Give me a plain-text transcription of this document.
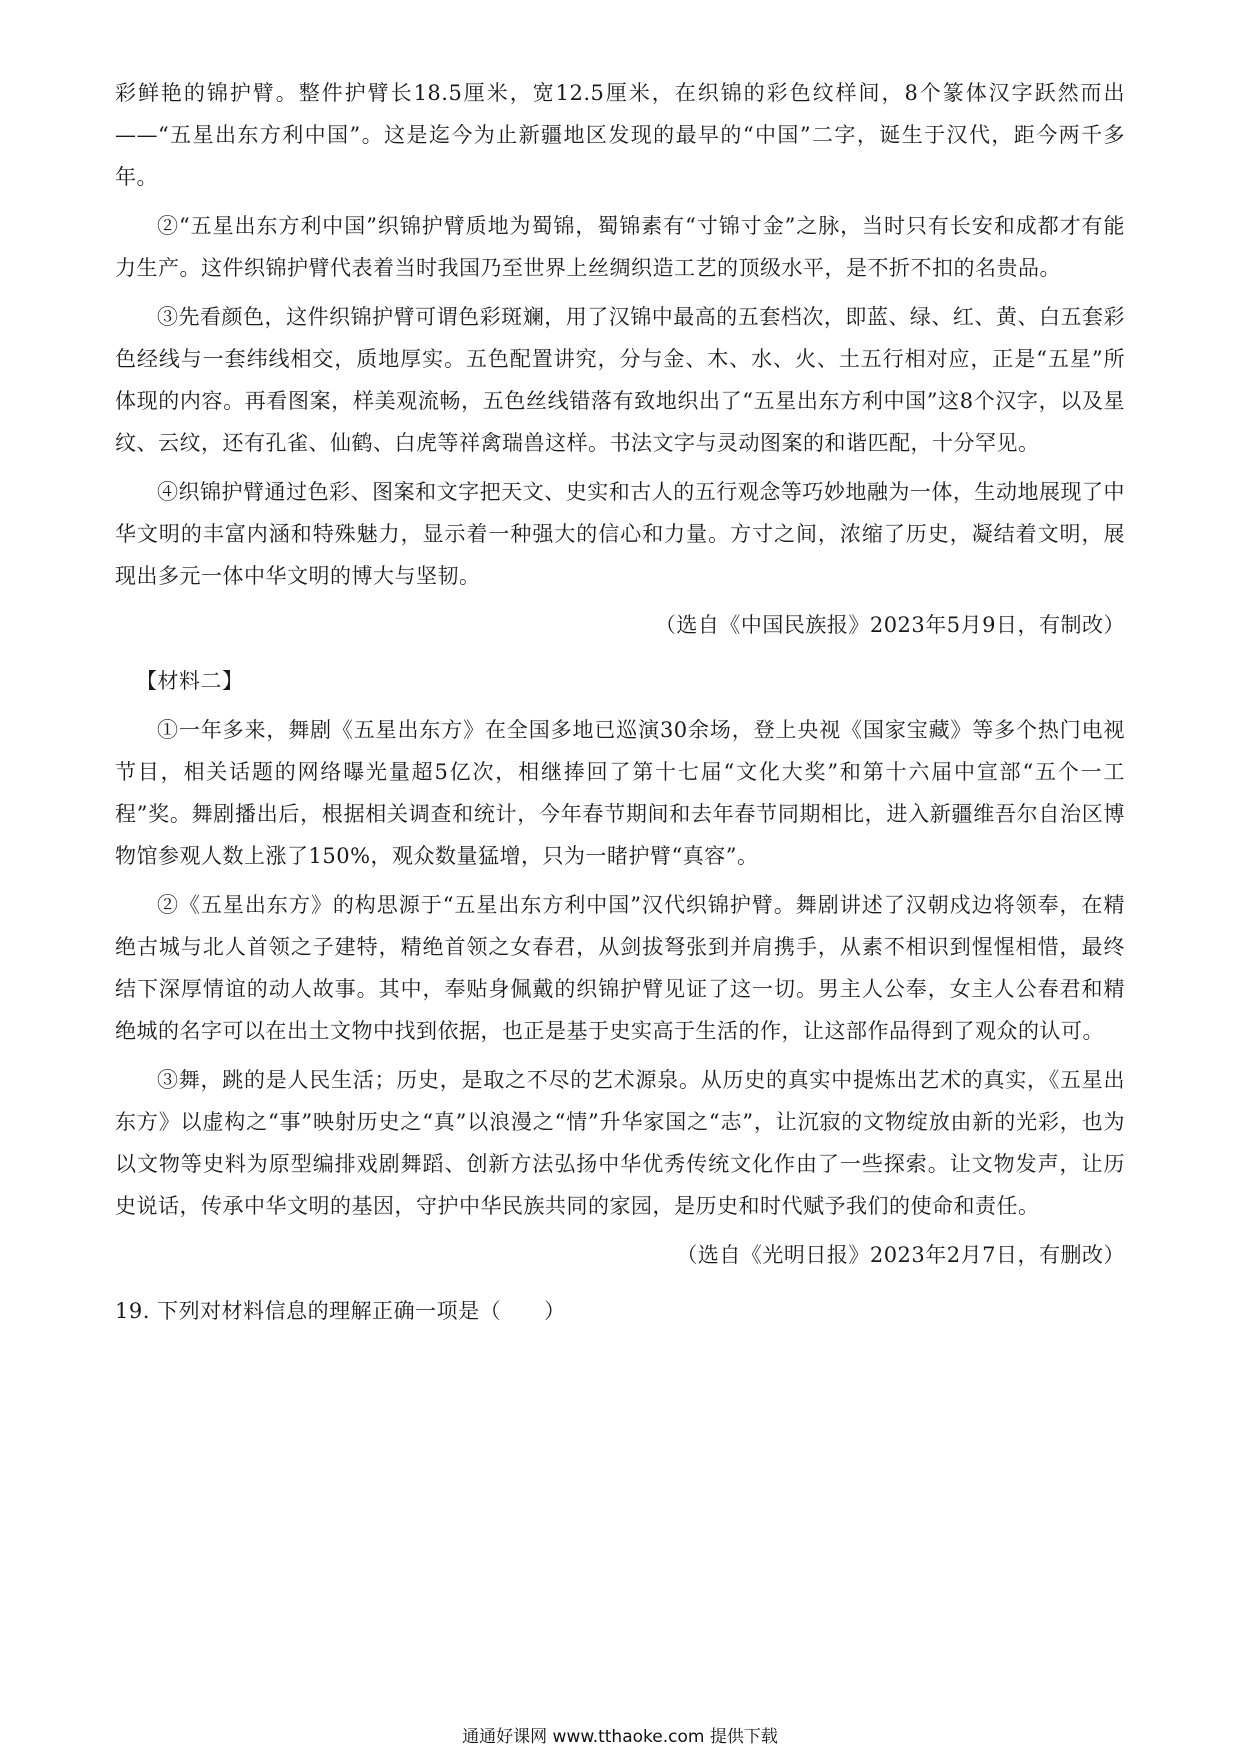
彩鲜艳的锦护臂。整件护臂长18.5厘米，宽12.5厘米，在织锦的彩色纹样间，8个篆体汉字跃然而出——“五星出东方利中国”。这是迄今为止新疆地区发现的最早的“中国”二字，诞生于汉代，距今两千多年。

②“五星出东方利中国”织锦护臂质地为蜀锦，蜀锦素有“寸锦寸金”之脉，当时只有长安和成都才有能力生产。这件织锦护臂代表着当时我国乃至世界上丝绸织造工艺的顶级水平，是不折不扣的名贵品。

③先看颜色，这件织锦护臂可谓色彩斑斓，用了汉锦中最高的五套档次，即蓝、绿、红、黄、白五套彩色经线与一套纬线相交，质地厚实。五色配置讲究，分与金、木、水、火、土五行相对应，正是“五星”所体现的内容。再看图案，样美观流畅，五色丝线错落有致地织出了“五星出东方利中国”这8个汉字，以及星纹、云纹，还有孔雀、仙鹤、白虎等祥禽瑞兽这样。书法文字与灵动图案的和谐匹配，十分罕见。

④织锦护臂通过色彩、图案和文字把天文、史实和古人的五行观念等巧妙地融为一体，生动地展现了中华文明的丰富内涵和特殊魅力，显示着一种强大的信心和力量。方寸之间，浓缩了历史，凝结着文明，展现出多元一体中华文明的博大与坚韧。

（选自《中国民族报》2023年5月9日，有制改）

【材料二】

①一年多来，舞剧《五星出东方》在全国多地已巡演30余场，登上央视《国家宝藏》等多个热门电视节目，相关话题的网络曝光量超5亿次，相继捧回了第十七届“文化大奖”和第十六届中宣部“五个一工程”奖。舞剧播出后，根据相关调查和统计，今年春节期间和去年春节同期相比，进入新疆维吾尔自治区博物馆参观人数上涨了150%，观众数量猛增，只为一睹护臂“真容”。

②《五星出东方》的构思源于“五星出东方利中国”汉代织锦护臂。舞剧讲述了汉朝戍边将领奉，在精绝古城与北人首领之子建特，精绝首领之女春君，从剑拔弩张到并肩携手，从素不相识到惺惺相惜，最终结下深厚情谊的动人故事。其中，奉贴身佩戴的织锦护臂见证了这一切。男主人公奉，女主人公春君和精绝城的名字可以在出土文物中找到依据，也正是基于史实高于生活的作，让这部作品得到了观众的认可。

③舞，跳的是人民生活；历史，是取之不尽的艺术源泉。从历史的真实中提炼出艺术的真实，《五星出东方》以虚构之“事”映射历史之“真”以浪漫之“情”升华家国之“志”，让沉寂的文物绽放由新的光彩，也为以文物等史料为原型编排戏剧舞蹈、创新方法弘扬中华优秀传统文化作由了一些探索。让文物发声，让历史说话，传承中华文明的基因，守护中华民族共同的家园，是历史和时代赋予我们的使命和责任。

（选自《光明日报》2023年2月7日，有删改）

19. 下列对材料信息的理解正确一项是（　　）

通通好课网 www.tthaoke.com 提供下载
